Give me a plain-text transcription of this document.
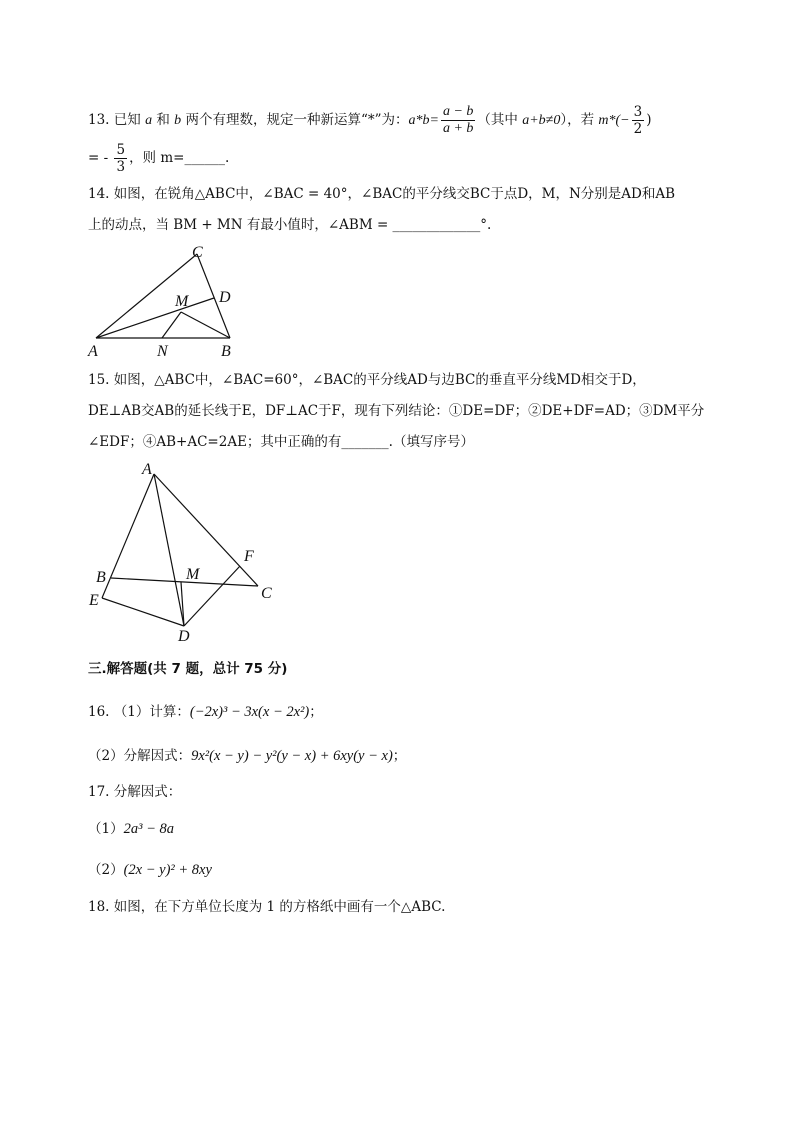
13. 已知 a 和 b 两个有理数，规定一种新运算“*”为：$a*b= \frac{a - b}{a + b}$ （其中 a+b≠0），若 $m*(- \frac{3}{2}$ )
= - $\frac{5}{3}$ ，则 m=______.
14. 如图，在锐角△ABC中，∠BAC = 40°，∠BAC的平分线交BC于点D，M，N分别是AD和AB
上的动点，当 BM + MN 有最小值时，∠ABM = _____________°.
C
M D
A	N	B
15. 如图，△ABC中，∠BAC=60°，∠BAC的平分线AD与边BC的垂直平分线MD相交于D，
DE⊥AB交AB的延长线于E，DF⊥AC于F，现有下列结论：①DE=DF；②DE+DF=AD；③DM平分
∠EDF；④AB+AC=2AE；其中正确的有_______.（填写序号）
A
F
B	M
C
E
D
三.解答题(共 7 题，总计 75 分)
16. （1）计算：(−2x)³ − 3x(x − 2x²)；
（2）分解因式：9x²(x − y) − y²(y − x) + 6xy(y − x)；
17. 分解因式：
（1）2a³ − 8a
（2）(2x − y)² + 8xy
18. 如图，在下方单位长度为 1 的方格纸中画有一个△ABC.
